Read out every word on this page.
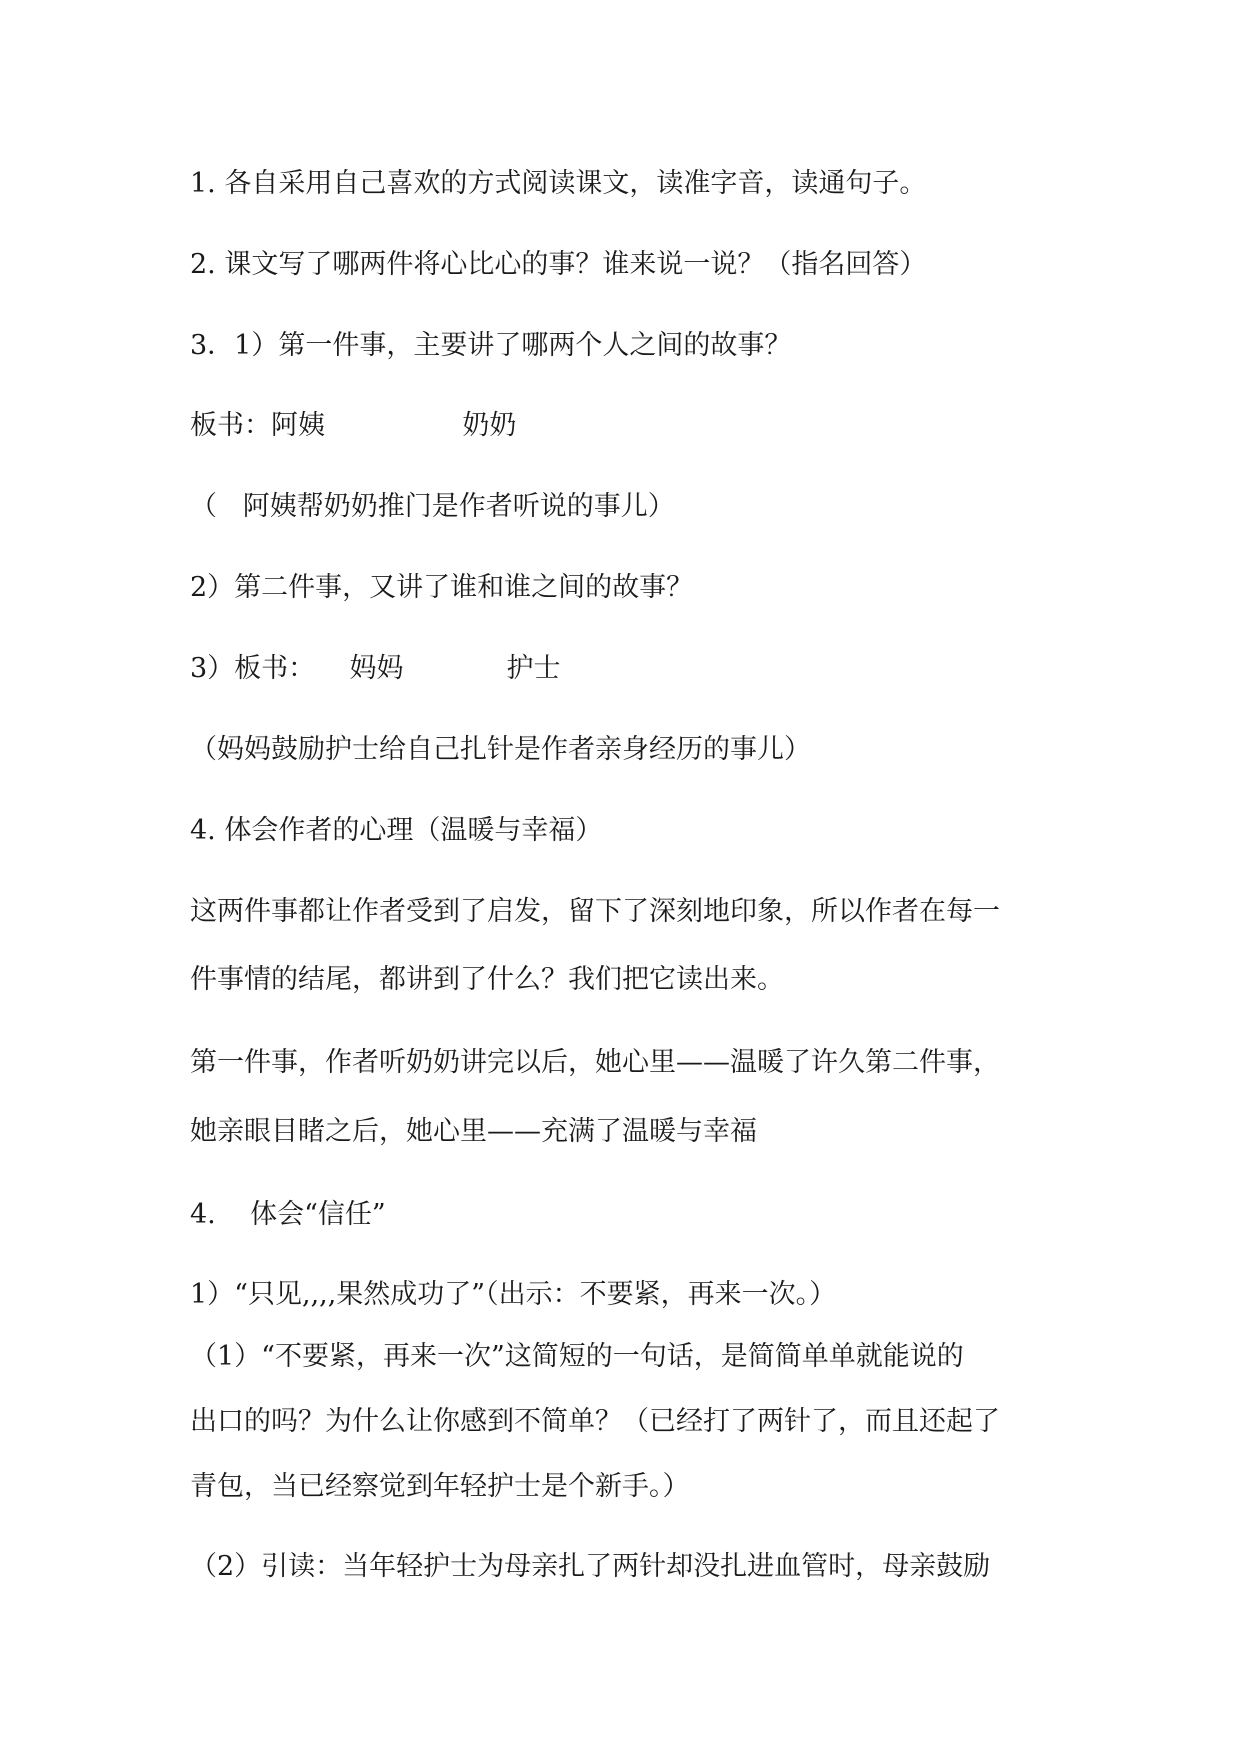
1. 各自采用自己喜欢的方式阅读课文，读准字音，读通句子。
2. 课文写了哪两件将心比心的事？谁来说一说？（指名回答）
3．1）第一件事，主要讲了哪两个人之间的故事？
板书：阿姨                奶奶
（   阿姨帮奶奶推门是作者听说的事儿）
2）第二件事，又讲了谁和谁之间的故事？
3）板书：    妈妈            护士
（妈妈鼓励护士给自己扎针是作者亲身经历的事儿）
4. 体会作者的心理（温暖与幸福）
这两件事都让作者受到了启发，留下了深刻地印象，所以作者在每一
件事情的结尾，都讲到了什么？我们把它读出来。
第一件事，作者听奶奶讲完以后，她心里——温暖了许久第二件事，
她亲眼目睹之后，她心里——充满了温暖与幸福
4.    体会“信任”
1）“只见,,,,果然成功了”（出示：不要紧，再来一次。）
（1）“不要紧，再来一次”这简短的一句话，是简简单单就能说的
出口的吗？为什么让你感到不简单？（已经打了两针了，而且还起了
青包，当已经察觉到年轻护士是个新手。）
（2）引读：当年轻护士为母亲扎了两针却没扎进血管时，母亲鼓励
